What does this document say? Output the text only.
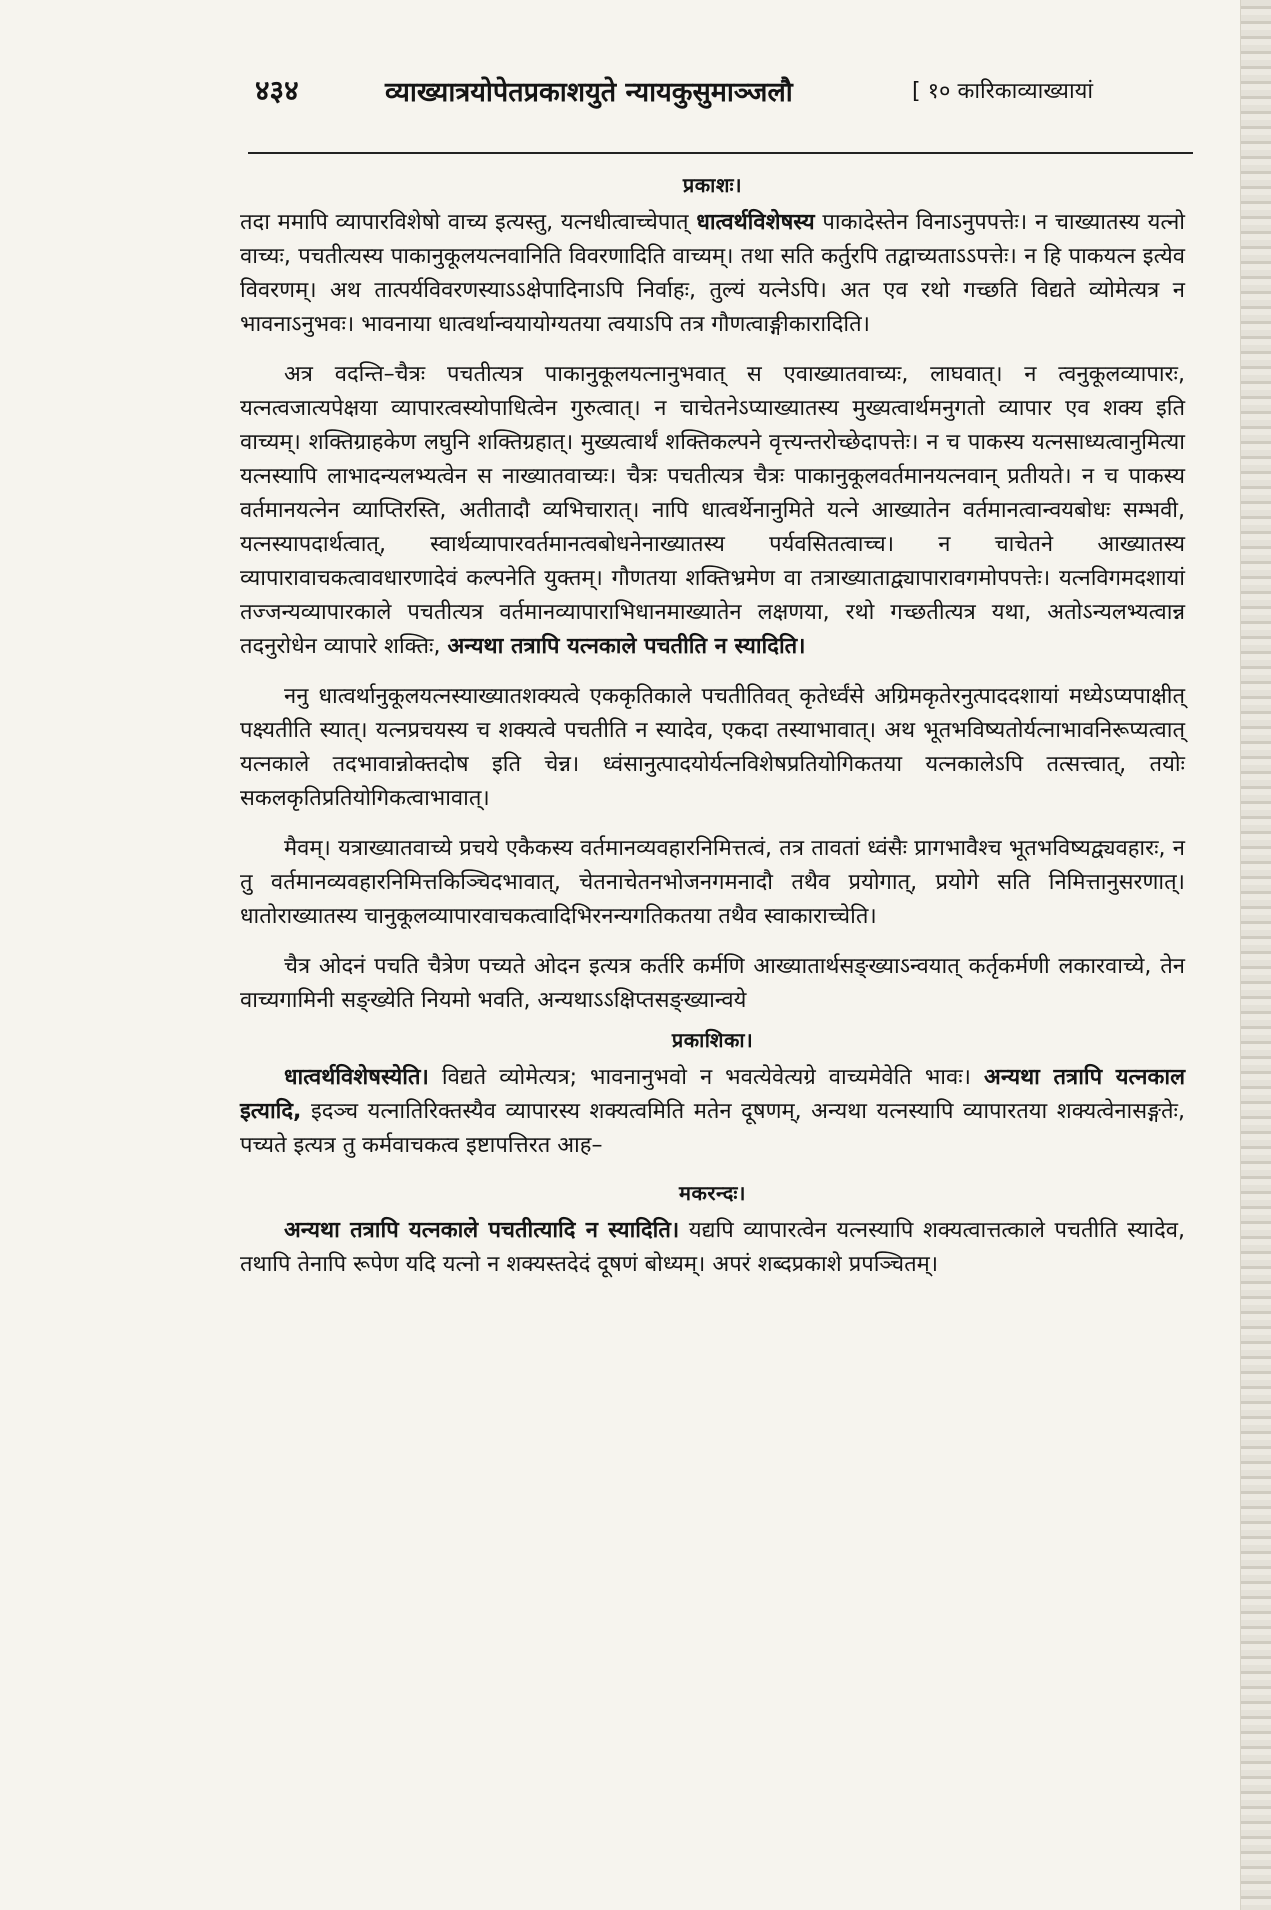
४३४	व्याख्यात्रयोपेतप्रकाशयुते न्यायकुसुमाञ्जलौ	[ १० कारिकाव्याख्यायां
प्रकाशः।

तदा ममापि व्यापारविशेषो वाच्य इत्यस्तु, यत्नधीत्वाच्चेपात् धात्वर्थविशेषस्य पाकादेस्तेन विनाऽनुपपत्तेः। न चाख्यातस्य यत्नो वाच्यः, पचतीत्यस्य पाकानुकूलयत्नवानिति विवरणादिति वाच्यम्। तथा सति कर्तुरपि तद्वाच्यताऽऽपत्तेः। न हि पाकयत्न इत्येव विवरणम्। अथ तात्पर्यविवरणस्याऽऽक्षेपादिनाऽपि निर्वाहः, तुल्यं यत्नेऽपि। अत एव रथो गच्छति विद्यते व्योमेत्यत्र न भावनाऽनुभवः। भावनाया धात्वर्थान्वयायोग्यतया त्वयाऽपि तत्र गौणत्वाङ्गीकारादिति।

अत्र वदन्ति–चैत्रः पचतीत्यत्र पाकानुकूलयत्नानुभवात् स एवाख्यातवाच्यः, लाघवात्। न त्वनुकूलव्यापारः, यत्नत्वजात्यपेक्षया व्यापारत्वस्योपाधित्वेन गुरुत्वात्। न चाचेतनेऽप्याख्यातस्य मुख्यत्वार्थमनुगतो व्यापार एव शक्य इति वाच्यम्। शक्तिग्राहकेण लघुनि शक्तिग्रहात्। मुख्यत्वार्थं शक्तिकल्पने वृत्त्यन्तरोच्छेदापत्तेः। न च पाकस्य यत्नसाध्यत्वानुमित्या यत्नस्यापि लाभादन्यलभ्यत्वेन स नाख्यातवाच्यः। चैत्रः पचतीत्यत्र चैत्रः पाकानुकूलवर्तमानयत्नवान् प्रतीयते। न च पाकस्य वर्तमानयत्नेन व्याप्तिरस्ति, अतीतादौ व्यभिचारात्। नापि धात्वर्थेनानुमिते यत्ने आख्यातेन वर्तमानत्वान्वयबोधः सम्भवी, यत्नस्यापदार्थत्वात्, स्वार्थव्यापारवर्तमानत्वबोधनेनाख्यातस्य पर्यवसितत्वाच्च। न चाचेतने आख्यातस्य व्यापारावाचकत्वावधारणादेवं कल्पनेति युक्तम्। गौणतया शक्तिभ्रमेण वा तत्राख्याताद्व्यापारावगमोपपत्तेः। यत्नविगमदशायां तज्जन्यव्यापारकाले पचतीत्यत्र वर्तमानव्यापाराभिधानमाख्यातेन लक्षणया, रथो गच्छतीत्यत्र यथा, अतोऽन्यलभ्यत्वान्न तदनुरोधेन व्यापारे शक्तिः, अन्यथा तत्रापि यत्नकाले पचतीति न स्यादिति।

ननु धात्वर्थानुकूलयत्नस्याख्यातशक्यत्वे एककृतिकाले पचतीतिवत् कृतेर्ध्वंसे अग्रिमकृतेरनुत्पाददशायां मध्येऽप्यपाक्षीत् पक्ष्यतीति स्यात्। यत्नप्रचयस्य च शक्यत्वे पचतीति न स्यादेव, एकदा तस्याभावात्। अथ भूतभविष्यतोर्यत्नाभावनिरूप्यत्वात् यत्नकाले तदभावान्नोक्तदोष इति चेन्न। ध्वंसानुत्पादयोर्यत्नविशेषप्रतियोगिकतया यत्नकालेऽपि तत्सत्त्वात्, तयोः सकलकृतिप्रतियोगिकत्वाभावात्।

मैवम्। यत्राख्यातवाच्ये प्रचये एकैकस्य वर्तमानव्यवहारनिमित्तत्वं, तत्र तावतां ध्वंसैः प्रागभावैश्च भूतभविष्यद्व्यवहारः, न तु वर्तमानव्यवहारनिमित्तकिञ्चिदभावात्, चेतनाचेतनभोजनगमनादौ तथैव प्रयोगात्, प्रयोगे सति निमित्तानुसरणात्। धातोराख्यातस्य चानुकूलव्यापारवाचकत्वादिभिरनन्यगतिकतया तथैव स्वाकाराच्चेति।

चैत्र ओदनं पचति चैत्रेण पच्यते ओदन इत्यत्र कर्तरि कर्मणि आख्यातार्थसङ्ख्याऽन्वयात् कर्तृकर्मणी लकारवाच्ये, तेन वाच्यगामिनी सङ्ख्येति नियमो भवति, अन्यथाऽऽक्षिप्तसङ्ख्यान्वये

प्रकाशिका।

धात्वर्थविशेषस्येति। विद्यते व्योमेत्यत्र; भावनानुभवो न भवत्येवेत्यग्रे वाच्यमेवेति भावः। अन्यथा तत्रापि यत्नकाल इत्यादि, इदञ्च यत्नातिरिक्तस्यैव व्यापारस्य शक्यत्वमिति मतेन दूषणम्, अन्यथा यत्नस्यापि व्यापारतया शक्यत्वेनासङ्गतेः, पच्यते इत्यत्र तु कर्मवाचकत्व इष्टापत्तिरत आह–

मकरन्दः।

अन्यथा तत्रापि यत्नकाले पचतीत्यादि न स्यादिति। यद्यपि व्यापारत्वेन यत्नस्यापि शक्यत्वात्तत्काले पचतीति स्यादेव, तथापि तेनापि रूपेण यदि यत्नो न शक्यस्तदेदं दूषणं बोध्यम्। अपरं शब्दप्रकाशे प्रपञ्चितम्।
